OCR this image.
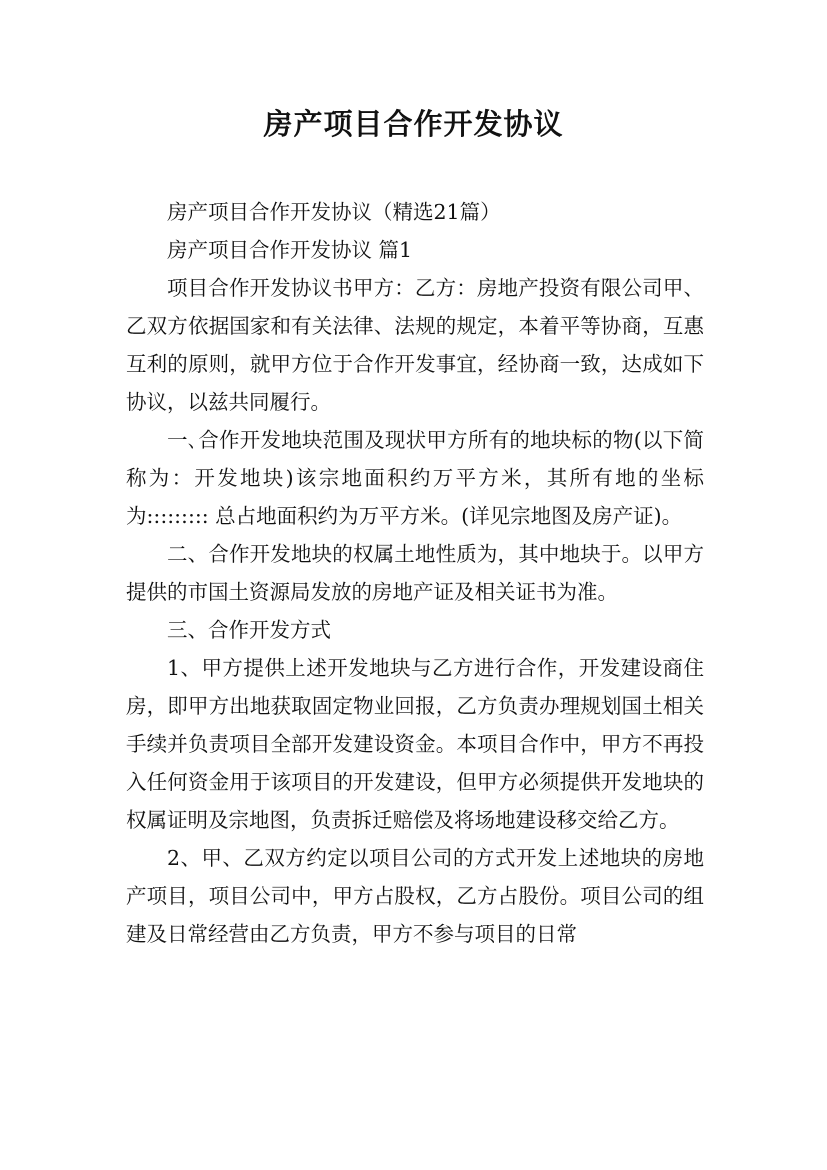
房产项目合作开发协议

房产项目合作开发协议（精选21篇）

房产项目合作开发协议 篇1

项目合作开发协议书甲方：乙方：房地产投资有限公司甲、乙双方依据国家和有关法律、法规的规定，本着平等协商，互惠互利的原则，就甲方位于合作开发事宜，经协商一致，达成如下协议，以兹共同履行。

一､合作开发地块范围及现状甲方所有的地块标的物(以下简称为：开发地块)该宗地面积约万平方米，其所有地的坐标为::::::::: 总占地面积约为万平方米。(详见宗地图及房产证)。

二、合作开发地块的权属土地性质为，其中地块于。以甲方提供的市国土资源局发放的房地产证及相关证书为准。

三、合作开发方式

1、甲方提供上述开发地块与乙方进行合作，开发建设商住房，即甲方出地获取固定物业回报，乙方负责办理规划国土相关手续并负责项目全部开发建设资金。本项目合作中，甲方不再投入任何资金用于该项目的开发建设，但甲方必须提供开发地块的权属证明及宗地图，负责拆迁赔偿及将场地建设移交给乙方。

2、甲、乙双方约定以项目公司的方式开发上述地块的房地产项目，项目公司中，甲方占股权，乙方占股份。项目公司的组建及日常经营由乙方负责，甲方不参与项目的日常
